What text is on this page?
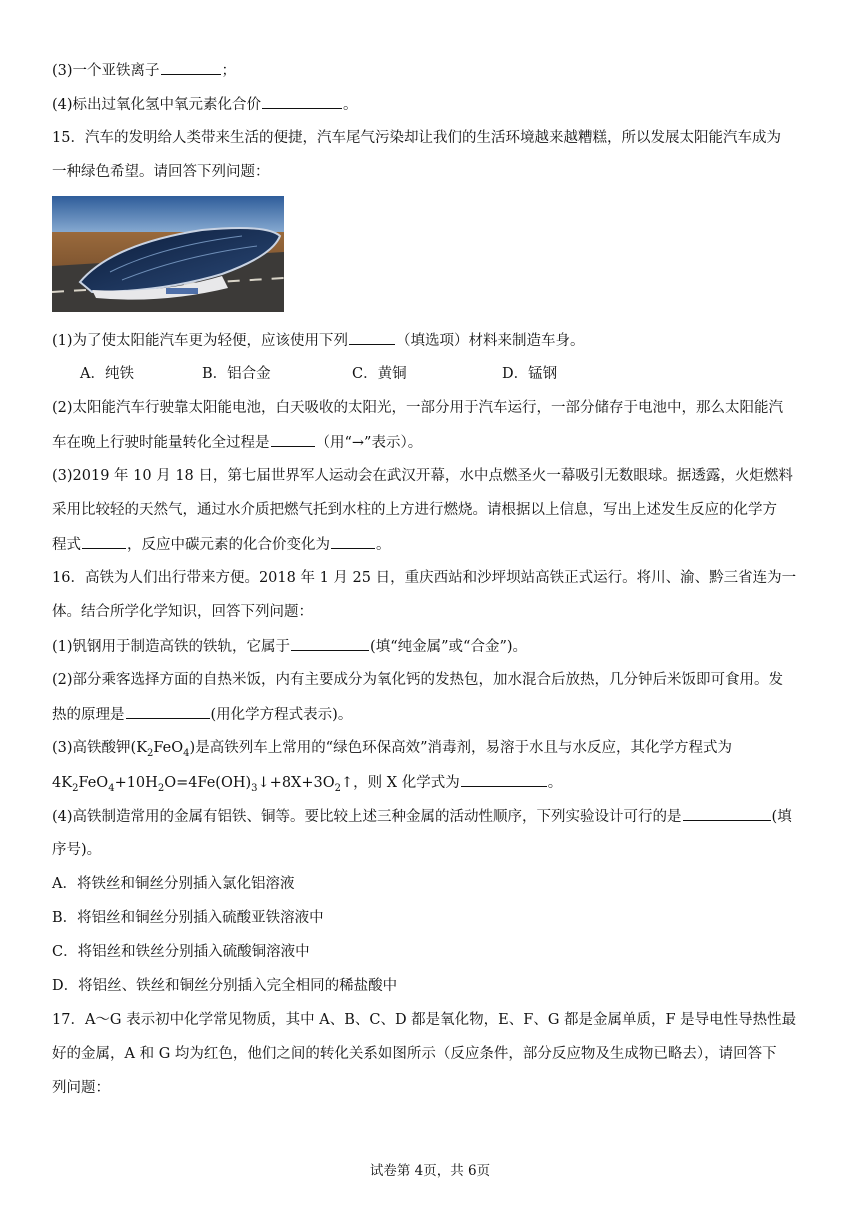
(3)一个亚铁离子	；
(4)标出过氧化氢中氧元素化合价	。
15．汽车的发明给人类带来生活的便捷，汽车尾气污染却让我们的生活环境越来越糟糕，所以发展太阳能汽车成为
一种绿色希望。请回答下列问题：
(1)为了使太阳能汽车更为轻便，应该使用下列	（填选项）材料来制造车身。
A．纯铁	B．铝合金	C．黄铜	D．锰钢
(2)太阳能汽车行驶靠太阳能电池，白天吸收的太阳光，一部分用于汽车运行，一部分储存于电池中，那么太阳能汽
车在晚上行驶时能量转化全过程是	（用“→”表示）。
(3)2019 年 10 月 18 日，第七届世界军人运动会在武汉开幕，水中点燃圣火一幕吸引无数眼球。据透露，火炬燃料
采用比较轻的天然气，通过水介质把燃气托到水柱的上方进行燃烧。请根据以上信息，写出上述发生反应的化学方
程式	，反应中碳元素的化合价变化为	。
16．高铁为人们出行带来方便。2018 年 1 月 25 日，重庆西站和沙坪坝站高铁正式运行。将川、渝、黔三省连为一
体。结合所学化学知识，回答下列问题：
(1)钒钢用于制造高铁的铁轨，它属于	(填“纯金属”或“合金”)。
(2)部分乘客选择方面的自热米饭，内有主要成分为氧化钙的发热包，加水混合后放热，几分钟后米饭即可食用。发
热的原理是	(用化学方程式表示)。
(3)高铁酸钾$(K_2FeO_4)$是高铁列车上常用的“绿色环保高效”消毒剂，易溶于水且与水反应，其化学方程式为
$4K_2FeO_4+10H_2O=4Fe(OH)_3↓+8X+3O_2↑$，则 X 化学式为	。
(4)高铁制造常用的金属有铝铁、铜等。要比较上述三种金属的活动性顺序，下列实验设计可行的是	(填
序号)。
A．将铁丝和铜丝分别插入氯化铝溶液
B．将铝丝和铜丝分别插入硫酸亚铁溶液中
C．将铝丝和铁丝分别插入硫酸铜溶液中
D．将铝丝、铁丝和铜丝分别插入完全相同的稀盐酸中
17．A～G 表示初中化学常见物质，其中 A、B、C、D 都是氧化物，E、F、G 都是金属单质，F 是导电性导热性最
好的金属，A 和 G 均为红色，他们之间的转化关系如图所示（反应条件，部分反应物及生成物已略去），请回答下
列问题：
试卷第 4页，共 6页
